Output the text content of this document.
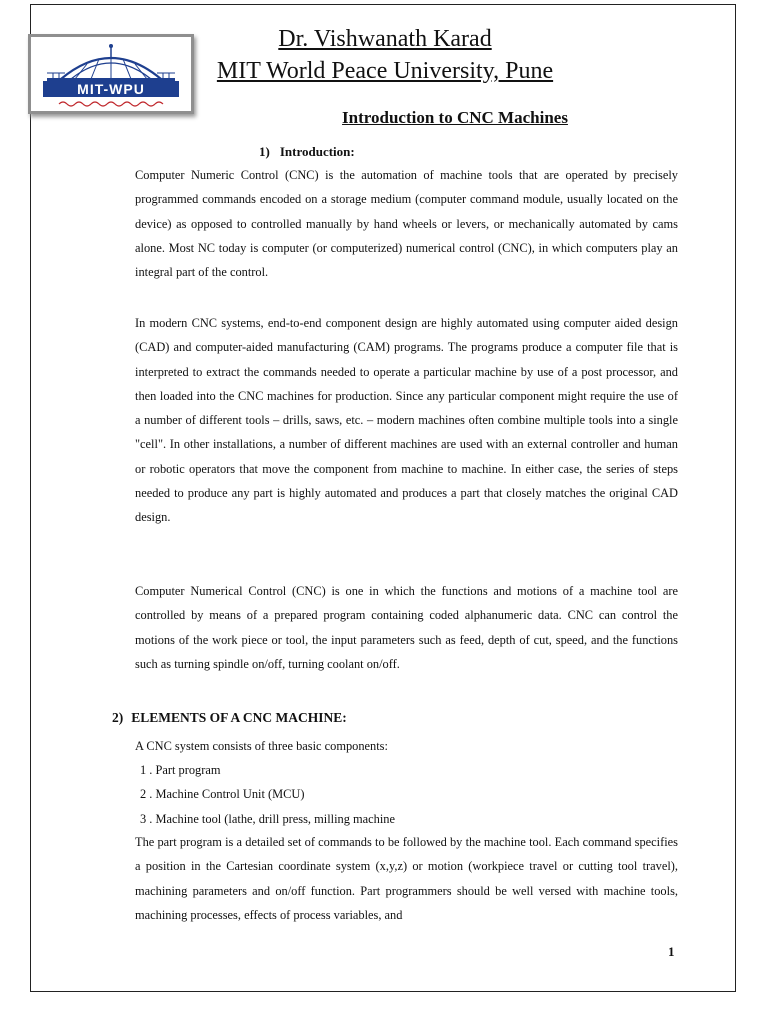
MIT-WPU
Dr. Vishwanath Karad
MIT World Peace University, Pune
Introduction to CNC Machines
1) Introduction:

Computer Numeric Control (CNC) is the automation of machine tools that are operated by precisely programmed commands encoded on a storage medium (computer command module, usually located on the device) as opposed to controlled manually by hand wheels or levers, or mechanically automated by cams alone. Most NC today is computer (or computerized) numerical control (CNC), in which computers play an integral part of the control.

In modern CNC systems, end-to-end component design are highly automated using computer aided design (CAD) and computer-aided manufacturing (CAM) programs. The programs produce a computer file that is interpreted to extract the commands needed to operate a particular machine by use of a post processor, and then loaded into the CNC machines for production. Since any particular component might require the use of a number of different tools – drills, saws, etc. – modern machines often combine multiple tools into a single "cell". In other installations, a number of different machines are used with an external controller and human or robotic operators that move the component from machine to machine. In either case, the series of steps needed to produce any part is highly automated and produces a part that closely matches the original CAD design.

Computer Numerical Control (CNC) is one in which the functions and motions of a machine tool are controlled by means of a prepared program containing coded alphanumeric data. CNC can control the motions of the work piece or tool, the input parameters such as feed, depth of cut, speed, and the functions such as turning spindle on/off, turning coolant on/off.

2) ELEMENTS OF A CNC MACHINE:
A CNC system consists of three basic components:
1 . Part program
2 . Machine Control Unit (MCU)
3 . Machine tool (lathe, drill press, milling machine

The part program is a detailed set of commands to be followed by the machine tool. Each command specifies a position in the Cartesian coordinate system (x,y,z) or motion (workpiece travel or cutting tool travel), machining parameters and on/off function. Part programmers should be well versed with machine tools, machining processes, effects of process variables, and

1
